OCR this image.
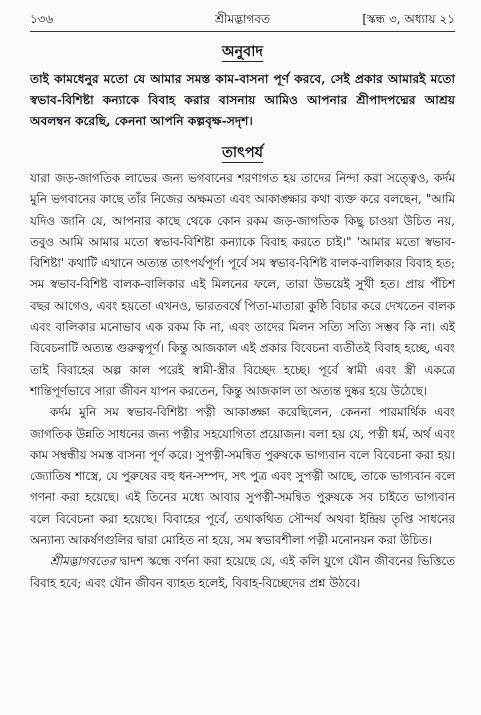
১৩৬	শ্রীমদ্ভাগবত	[স্কন্ধ ৩, অধ্যায় ২১
অনুবাদ

তাই কামধেনুর মতো যে আমার সমস্ত কাম-বাসনা পূর্ণ করবে, সেই প্রকার আমারই মতো স্বভাব-বিশিষ্টা কন্যাকে বিবাহ করার বাসনায় আমিও আপনার শ্রীপাদপদ্মের আশ্রয় অবলম্বন করেছি, কেননা আপনি কল্পবৃক্ষ-সদৃশ।

তাৎপর্য

যারা জড়-জাগতিক লাভের জন্য ভগবানের শরণাগত হয় তাদের নিন্দা করা সত্ত্বেও, কর্দম মুনি ভগবানের কাছে তাঁর নিজের অক্ষমতা এবং আকাঙ্ক্ষার কথা ব্যক্ত করে বলছেন, "আমি যদিও জানি যে, আপনার কাছে থেকে কোন রকম জড়-জাগতিক কিছু চাওয়া উচিত নয়, তবুও আমি আমার মতো স্বভাব-বিশিষ্টা কন্যাকে বিবাহ করতে চাই।" 'আমার মতো স্বভাব-বিশিষ্টা' কথাটি এখানে অত্যন্ত তাৎপর্যপূর্ণ। পূর্বে সম স্বভাব-বিশিষ্ট বালক-বালিকার বিবাহ হত; সম স্বভাব-বিশিষ্ট বালক-বালিকার এই মিলনের ফলে, তারা উভয়েই সুখী হত। প্রায় পঁচিশ বছর আগেও, এবং হয়তো এখনও, ভারতবর্ষে পিতা-মাতারা কুষ্ঠি বিচার করে দেখতেন বালক এবং বালিকার মনোভাব এক রকম কি না, এবং তাদের মিলন সত্যি সত্যি সম্ভব কি না। এই বিবেচনাটি অত্যন্ত গুরুত্বপূর্ণ। কিন্তু আজকাল এই প্রকার বিবেচনা ব্যতীতই বিবাহ হচ্ছে, এবং তাই বিবাহের অল্প কাল পরেই স্বামী-স্ত্রীর বিচ্ছেদ হচ্ছে। পূর্বে স্বামী এবং স্ত্রী একত্রে শান্তিপূর্ণভাবে সারা জীবন যাপন করতেন, কিন্তু আজকাল তা অত্যন্ত দুষ্কর হয়ে উঠেছে।

কর্দম মুনি সম স্বভাব-বিশিষ্টা পত্নী আকাঙ্ক্ষা করেছিলেন, কেননা পারমার্থিক এবং জাগতিক উন্নতি সাধনের জন্য পত্নীর সহযোগিতা প্রয়োজন। বলা হয় যে, পত্নী ধর্ম, অর্থ এবং কাম সম্বন্ধীয় সমস্ত বাসনা পূর্ণ করে। সুপত্নী-সমন্বিত পুরুষকে ভাগ্যবান বলে বিবেচনা করা হয়। জ্যোতিষ শাস্ত্রে, যে পুরুষের বহু ধন-সম্পদ, সৎ পুত্র এবং সুপত্নী আছে, তাকে ভাগ্যবান বলে গণনা করা হয়েছে। এই তিনের মধ্যে আবার সুপত্নী-সমন্বিত পুরুষকে সব চাইতে ভাগ্যবান বলে বিবেচনা করা হয়েছে। বিবাহের পূর্বে, তথাকথিত সৌন্দর্য অথবা ইন্দ্রিয় তৃপ্তি সাধনের অন্যান্য আকর্ষণগুলির দ্বারা মোহিত না হয়ে, সম স্বভাবশীলা পত্নী মনোনয়ন করা উচিত।

শ্রীমদ্ভাগবতের দ্বাদশ স্কন্ধে বর্ণনা করা হয়েছে যে, এই কলি যুগে যৌন জীবনের ভিত্তিতে বিবাহ হবে; এবং যৌন জীবন ব্যাহত হলেই, বিবাহ-বিচ্ছেদের প্রশ্ন উঠবে।
